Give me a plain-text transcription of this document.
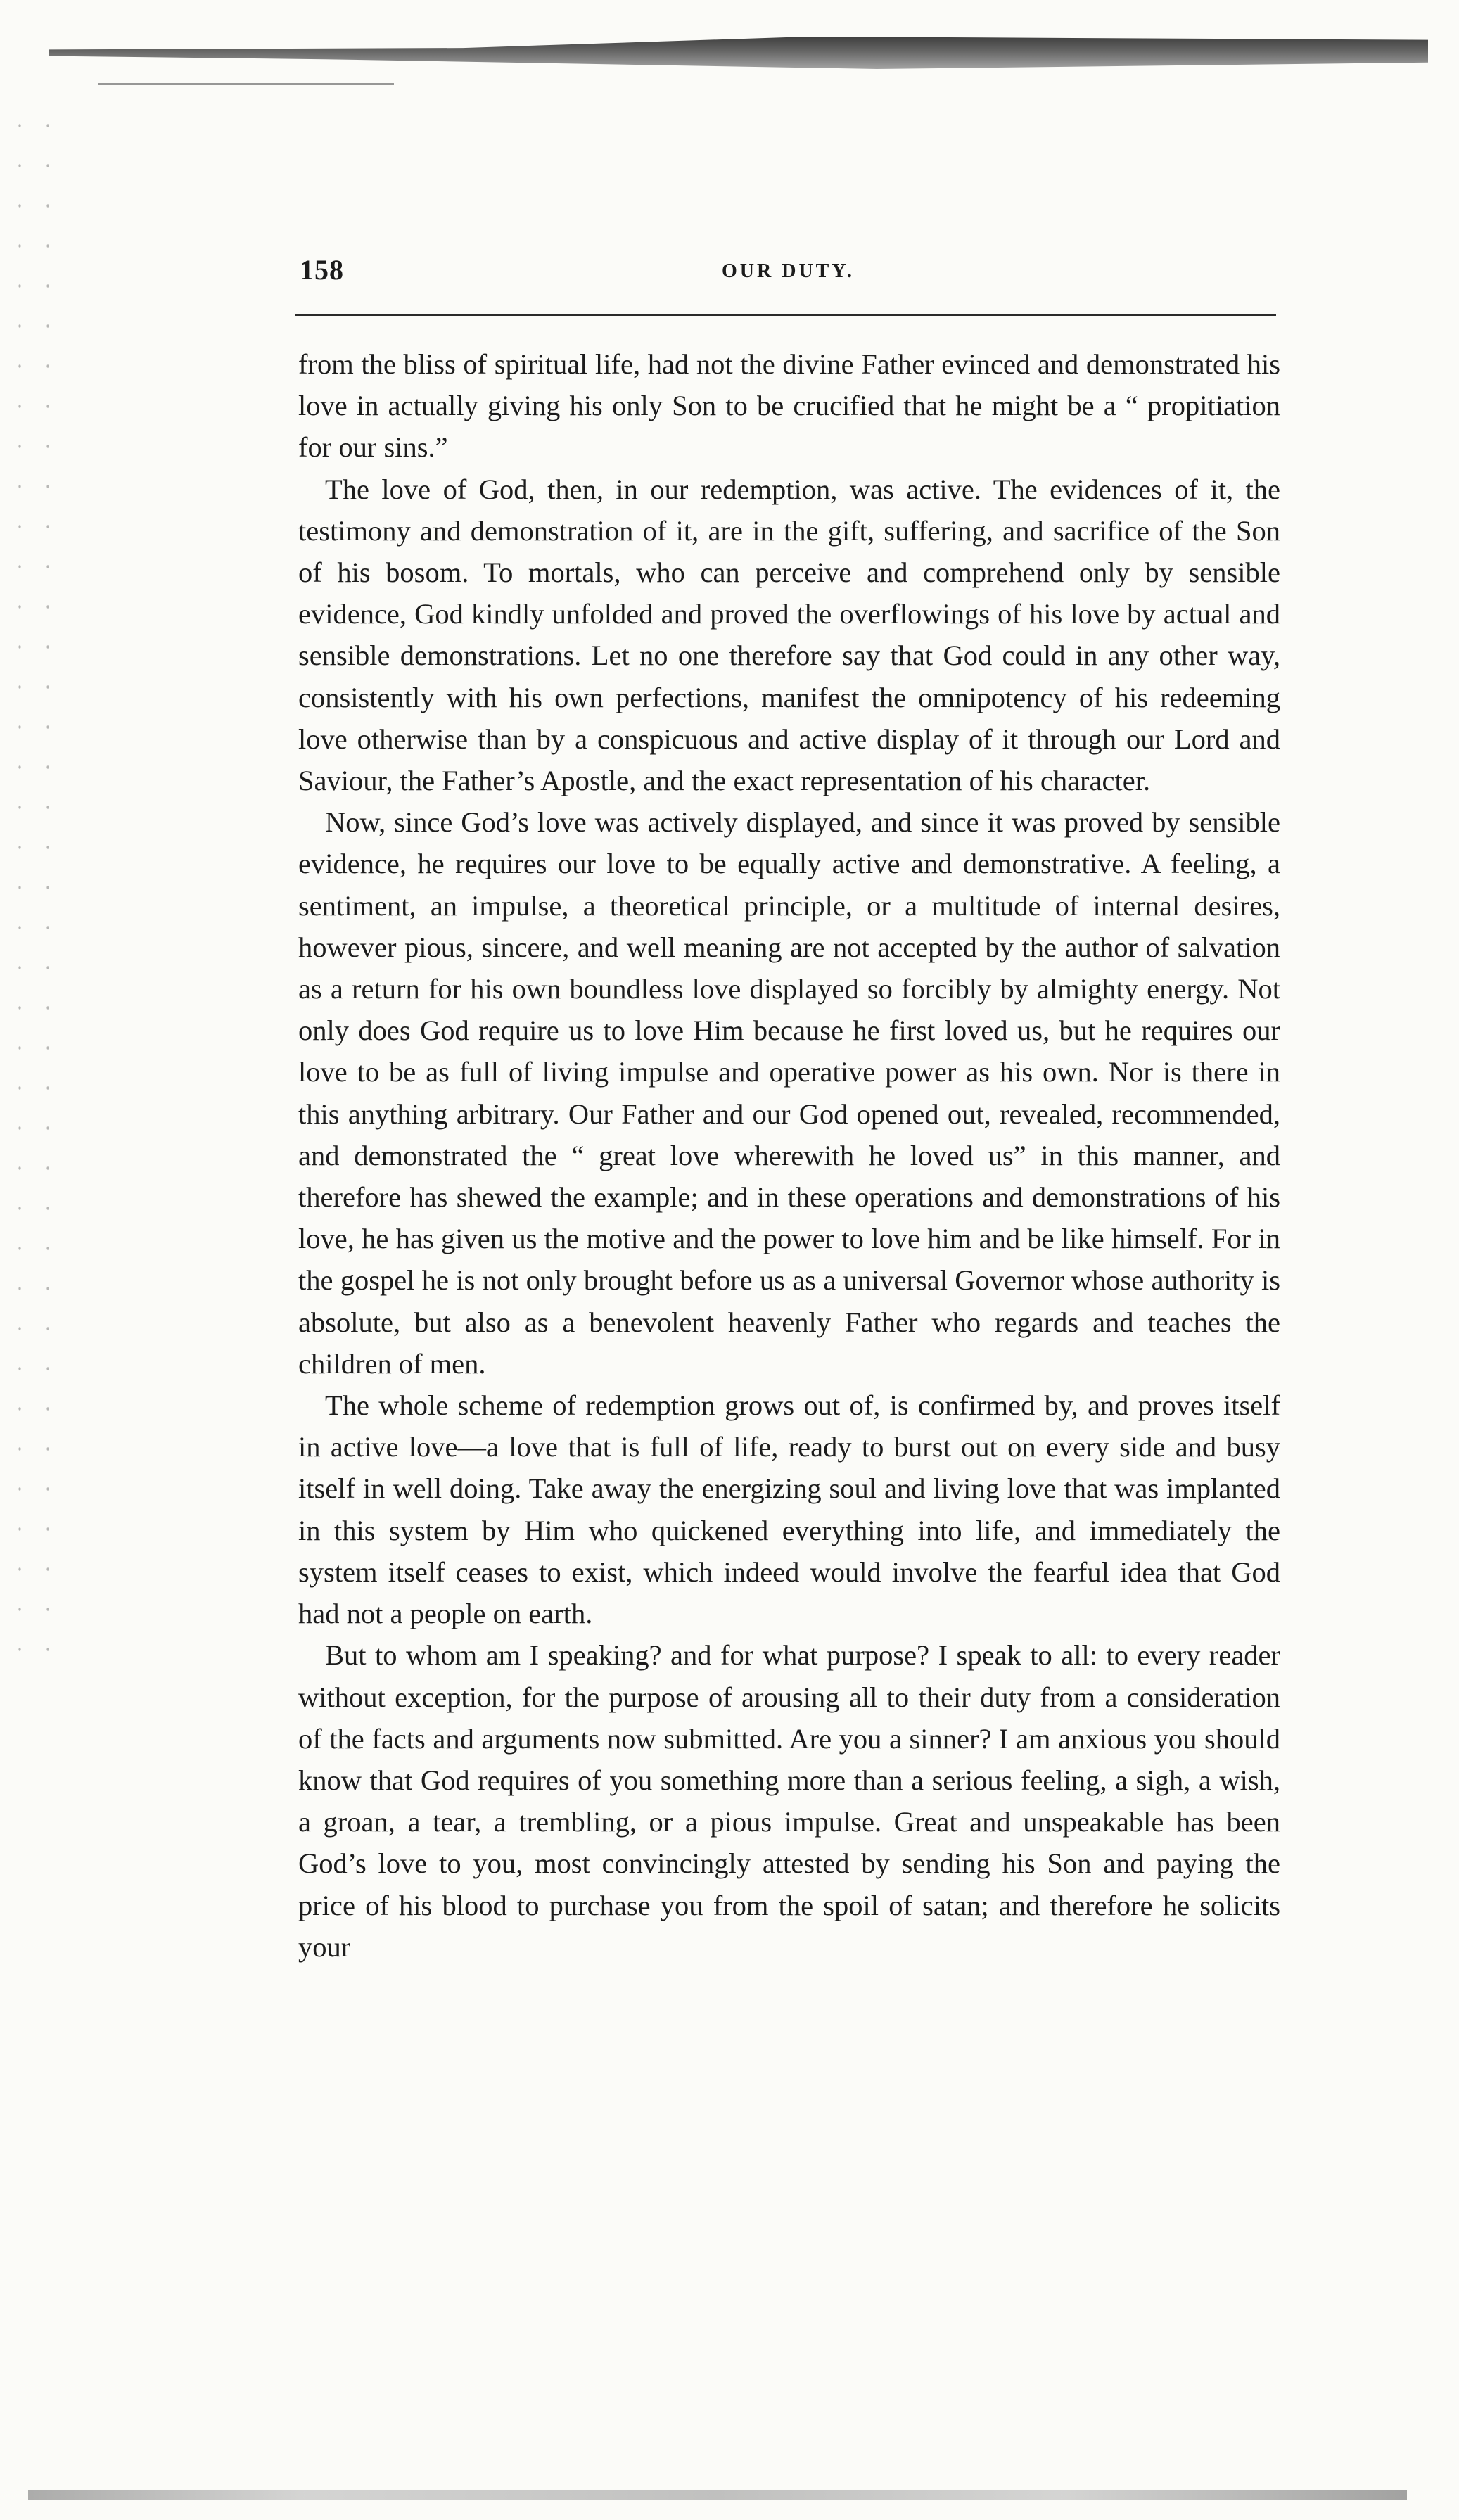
158	OUR DUTY.

from the bliss of spiritual life, had not the divine Father evinced and demonstrated his love in actually giving his only Son to be crucified that he might be a “ propitiation for our sins.”

The love of God, then, in our redemption, was active. The evidences of it, the testimony and demonstration of it, are in the gift, suffering, and sacrifice of the Son of his bosom. To mortals, who can perceive and comprehend only by sensible evidence, God kindly unfolded and proved the overflowings of his love by actual and sensible demonstrations. Let no one therefore say that God could in any other way, consistently with his own perfections, manifest the omnipotency of his redeeming love otherwise than by a conspicuous and active display of it through our Lord and Saviour, the Father’s Apostle, and the exact representation of his character.

Now, since God’s love was actively displayed, and since it was proved by sensible evidence, he requires our love to be equally active and demonstrative. A feeling, a sentiment, an impulse, a theoretical principle, or a multitude of internal desires, however pious, sincere, and well meaning are not accepted by the author of salvation as a return for his own boundless love displayed so forcibly by almighty energy. Not only does God require us to love Him because he first loved us, but he requires our love to be as full of living impulse and operative power as his own. Nor is there in this anything arbitrary. Our Father and our God opened out, revealed, recommended, and demonstrated the “ great love wherewith he loved us” in this manner, and therefore has shewed the example; and in these operations and demonstrations of his love, he has given us the motive and the power to love him and be like himself. For in the gospel he is not only brought before us as a universal Governor whose authority is absolute, but also as a benevolent heavenly Father who regards and teaches the children of men.

The whole scheme of redemption grows out of, is confirmed by, and proves itself in active love—a love that is full of life, ready to burst out on every side and busy itself in well doing. Take away the energizing soul and living love that was implanted in this system by Him who quickened everything into life, and immediately the system itself ceases to exist, which indeed would involve the fearful idea that God had not a people on earth.

But to whom am I speaking? and for what purpose? I speak to all: to every reader without exception, for the purpose of arousing all to their duty from a consideration of the facts and arguments now submitted. Are you a sinner? I am anxious you should know that God requires of you something more than a serious feeling, a sigh, a wish, a groan, a tear, a trembling, or a pious impulse. Great and unspeakable has been God’s love to you, most convincingly attested by sending his Son and paying the price of his blood to purchase you from the spoil of satan; and therefore he solicits your
